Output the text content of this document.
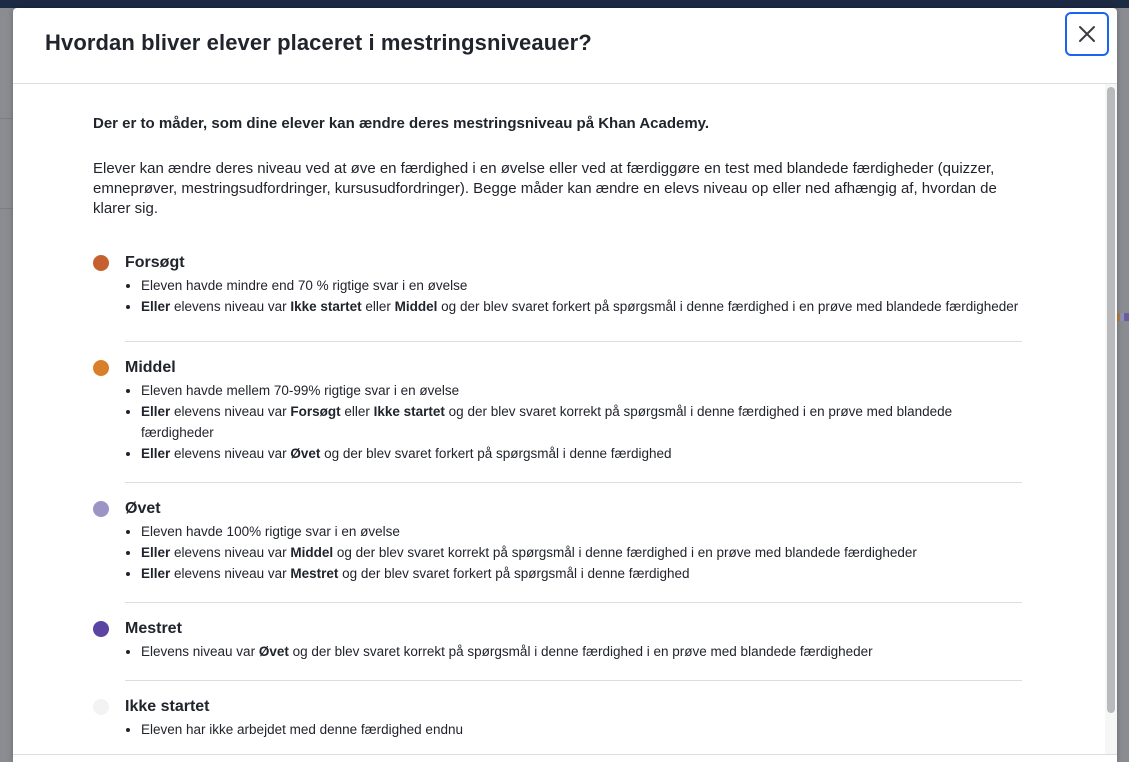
Hvordan bliver elever placeret i mestringsniveauer?

Der er to måder, som dine elever kan ændre deres mestringsniveau på Khan Academy.

Elever kan ændre deres niveau ved at øve en færdighed i en øvelse eller ved at færdiggøre en test med blandede færdigheder (quizzer, emneprøver, mestringsudfordringer, kursusudfordringer). Begge måder kan ændre en elevs niveau op eller ned afhængig af, hvordan de klarer sig.

Forsøgt
• Eleven havde mindre end 70 % rigtige svar i en øvelse
• Eller elevens niveau var Ikke startet eller Middel og der blev svaret forkert på spørgsmål i denne færdighed i en prøve med blandede færdigheder
Middel
• Eleven havde mellem 70-99% rigtige svar i en øvelse
• Eller elevens niveau var Forsøgt eller Ikke startet og der blev svaret korrekt på spørgsmål i denne færdighed i en prøve med blandede færdigheder
• Eller elevens niveau var Øvet og der blev svaret forkert på spørgsmål i denne færdighed
Øvet
• Eleven havde 100% rigtige svar i en øvelse
• Eller elevens niveau var Middel og der blev svaret korrekt på spørgsmål i denne færdighed i en prøve med blandede færdigheder
• Eller elevens niveau var Mestret og der blev svaret forkert på spørgsmål i denne færdighed
Mestret
• Elevens niveau var Øvet og der blev svaret korrekt på spørgsmål i denne færdighed i en prøve med blandede færdigheder
Ikke startet
• Eleven har ikke arbejdet med denne færdighed endnu
